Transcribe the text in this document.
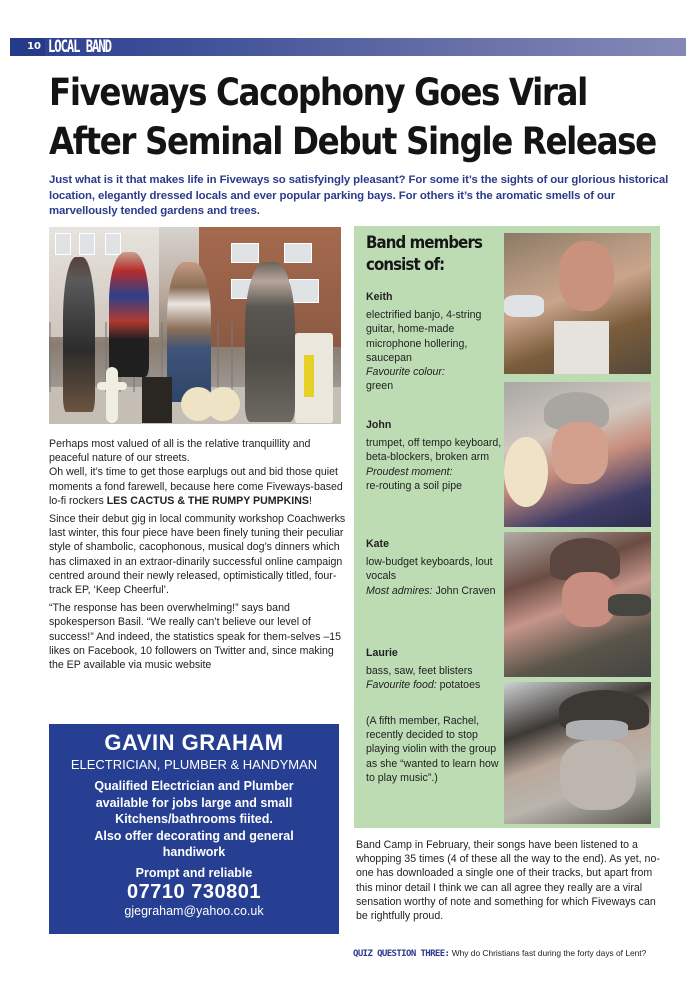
10 LOCAL BAND
Fiveways Cacophony Goes Viral After Seminal Debut Single Release

Just what is it that makes life in Fiveways so satisfyingly pleasant? For some it’s the sights of our glorious historical location, elegantly dressed locals and ever popular parking bays. For others it’s the aromatic smells of our marvellously tended gardens and trees.

Perhaps most valued of all is the relative tranquillity and peaceful nature of our streets.
Oh well, it’s time to get those earplugs out and bid those quiet moments a fond farewell, because here come Fiveways-based lo-fi rockers LES CACTUS & THE RUMPY PUMPKINS!

Since their debut gig in local community workshop Coachwerks last winter, this four piece have been finely tuning their peculiar style of shambolic, cacophonous, musical dog’s dinners which has climaxed in an extraor-dinarily successful online campaign centred around their newly released, optimistically titled, four-track EP, ‘Keep Cheerful’.

“The response has been overwhelming!” says band spokesperson Basil. “We really can’t believe our level of success!” And indeed, the statistics speak for them-selves –15 likes on Facebook, 10 followers on Twitter and, since making the EP available via music website

GAVIN GRAHAM
ELECTRICIAN, PLUMBER & HANDYMAN
Qualified Electrician and Plumber
available for jobs large and small
Kitchens/bathrooms fiited.
Also offer decorating and general
handiwork
Prompt and reliable
07710 730801
gjegraham@yahoo.co.uk
Band members consist of:
Keith
electrified banjo, 4-string guitar, home-made microphone hollering, saucepan
Favourite colour:
green
John
trumpet, off tempo keyboard, beta-blockers, broken arm
Proudest moment:
re-routing a soil pipe
Kate
low-budget keyboards, lout vocals
Most admires: John Craven
Laurie
bass, saw, feet blisters
Favourite food: potatoes
(A fifth member, Rachel, recently decided to stop playing violin with the group as she “wanted to learn how to play music”.)

Band Camp in February, their songs have been listened to a whopping 35 times (4 of these all the way to the end). As yet, no-one has downloaded a single one of their tracks, but apart from this minor detail I think we can all agree they really are a viral sensation worthy of note and something for which Fiveways can be rightfully proud.

QUIZ QUESTION THREE: Why do Christians fast during the forty days of Lent?
